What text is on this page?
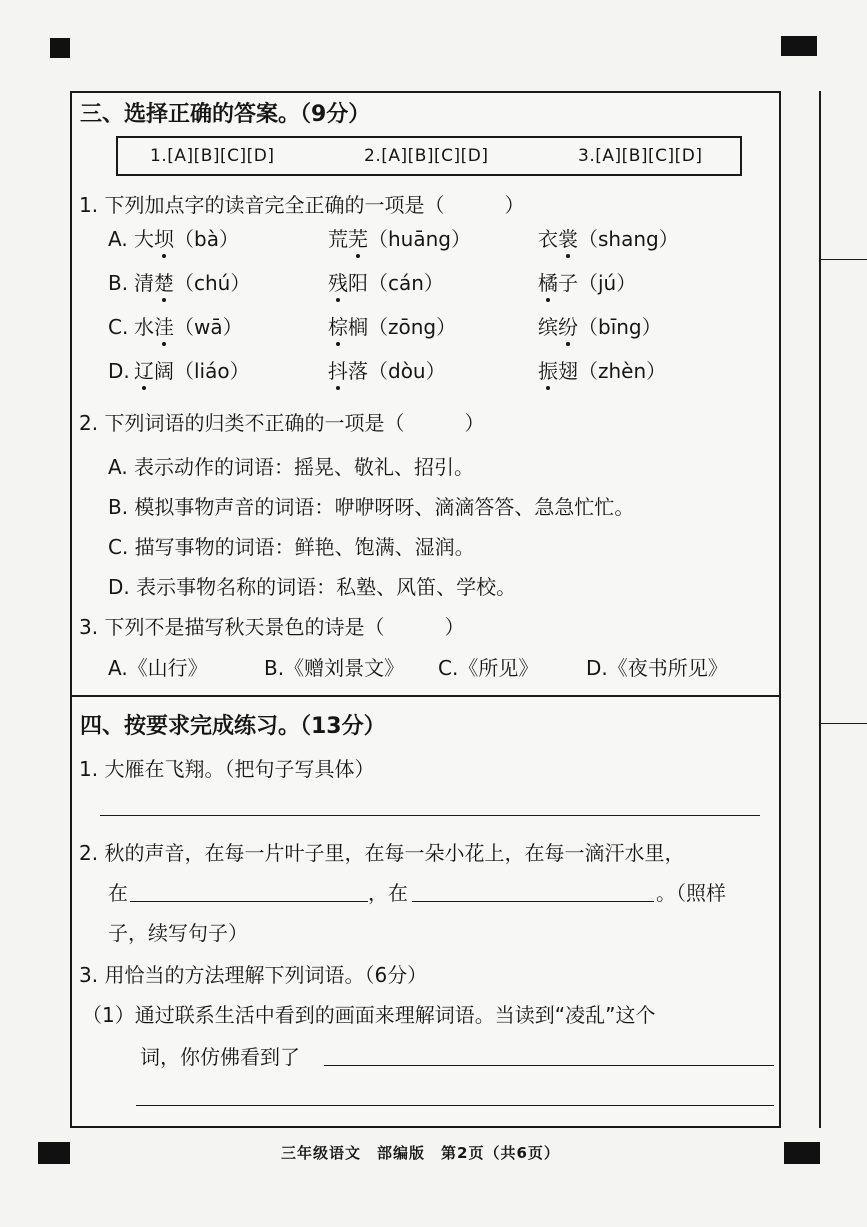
三、选择正确的答案。（9分）
1.[A][B][C][D]	2.[A][B][C][D]	3.[A][B][C][D]
1. 下列加点字的读音完全正确的一项是（　　　）
A. 大坝（bà）	荒芜（huāng）	衣裳（shang）
B. 清楚（chú）	残阳（cán）	橘子（jú）
C. 水洼（wā）	棕榈（zōng）	缤纷（bīng）
D. 辽阔（liáo）	抖落（dòu）	振翅（zhèn）
2. 下列词语的归类不正确的一项是（　　　）
A. 表示动作的词语：摇晃、敬礼、招引。
B. 模拟事物声音的词语：咿咿呀呀、滴滴答答、急急忙忙。
C. 描写事物的词语：鲜艳、饱满、湿润。
D. 表示事物名称的词语：私塾、风笛、学校。
3. 下列不是描写秋天景色的诗是（　　　）
A.《山行》	B.《赠刘景文》 C.《所见》 D.《夜书所见》
四、按要求完成练习。（13分）
1. 大雁在飞翔。（把句子写具体）
2. 秋的声音，在每一片叶子里，在每一朵小花上，在每一滴汗水里，
在	，在	。（照样
子，续写句子）
3. 用恰当的方法理解下列词语。（6分）
（1）通过联系生活中看到的画面来理解词语。当读到“凌乱”这个
词，你仿佛看到了
三年级语文　部编版　第2页（共6页）
